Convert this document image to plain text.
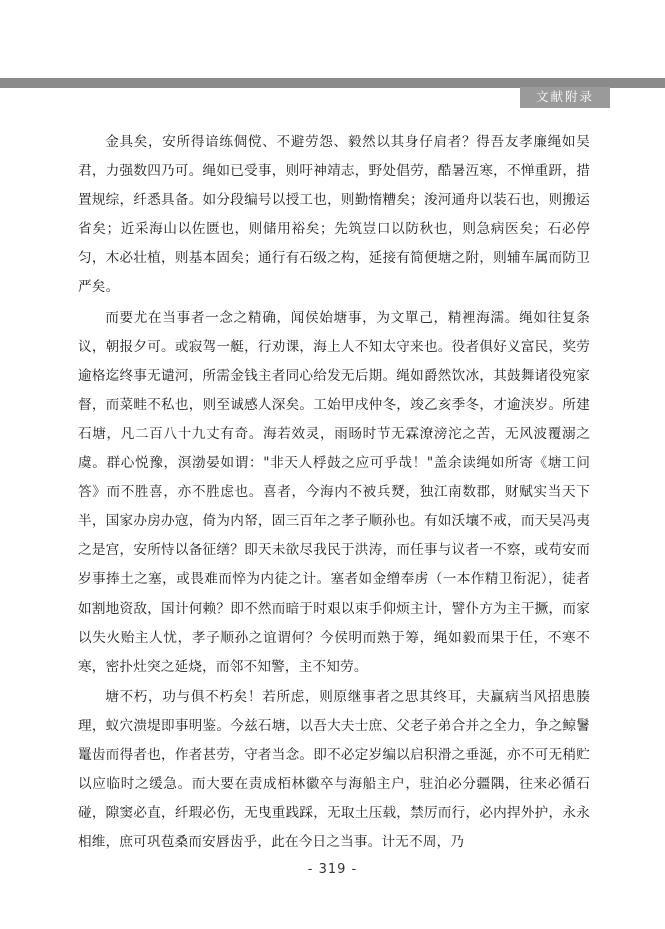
文献附录

金具矣，安所得谙练倜傥、不避劳怨、毅然以其身仔肩者？得吾友孝廉绳如吴君，力强数四乃可。绳如已受事，则吁神靖志，野处倡劳，酷暑沍寒，不惮重趼，措置规综，纤悉具备。如分段编号以授工也，则勤惰糟矣；浚河通舟以装石也，则搬运省矣；近采海山以佐匮也，则储用裕矣；先筑豈口以防秋也，则急病医矣；石必停匀，木必壮植，则基本固矣；通行有石级之构，延接有简便塘之附，则辅车属而防卫严矣。

而要尤在当事者一念之精确，闻侯始塘事，为文單己，精裡海濡。绳如往复条议，朝报夕可。或寂驾一艇，行劝课，海上人不知太守来也。役者俱好义富民，奖劳逾格迄终事无谴河，所需金钱主者同心给发无后期。绳如爵然饮冰，其鼓舞诸役宛家督，而菜畦不私也，则至诚感人深矣。工始甲戌仲冬，竣乙亥季冬，才逾浃岁。所建石塘，凡二百八十九丈有奇。海若效灵，雨旸时节无霖潦滂沱之苦，无风波覆溺之虞。群心悦豫，溟渤晏如谓："非天人桴鼓之应可乎哉！"盖余读绳如所寄《塘工问答》而不胜喜，亦不胜虑也。喜者，今海内不被兵燹，独江南数郡，财赋实当天下半，国家办房办寇，倚为内帑，固三百年之孝子顺孙也。有如沃壤不戒，而天吴冯夷之是宫，安所恃以备征缮？即天未欲尽我民于洪涛，而任事与议者一不察，或苟安而岁事捧土之塞，或畏难而悴为内徒之计。塞者如金缯奉虏（一本作精卫衔泥），徒者如割地资敌，国计何赖？即不然而暗于时艰以束手仰烦主计，譬仆方为主干撅，而家以失火贻主人忧，孝子顺孙之谊谓何？今侯明而熟于筹，绳如毅而果于任，不寒不寒，密扑灶突之延烧，而邻不知警，主不知劳。

塘不朽，功与俱不朽矣！若所虑，则原继事者之思其终耳，夫赢病当风招患腠理，蚁穴溃堤即事明鉴。今兹石塘，以吾大夫士庶、父老子弟合并之全力，争之鲸鬐鼍齿而得者也，作者甚劳，守者当念。即不必定岁编以启积滑之垂涎，亦不可无稍贮以应临时之缓急。而大要在责成栢林徽卒与海船主户，驻泊必分疆隅，往来必循石碰，隙窦必直，纤瑕必伤，无曳重践踩，无取土压载，禁厉而行，必内捍外护，永永相维，庶可巩苞桑而安唇齿乎，此在今日之当事。计无不周，乃

- 319 -
